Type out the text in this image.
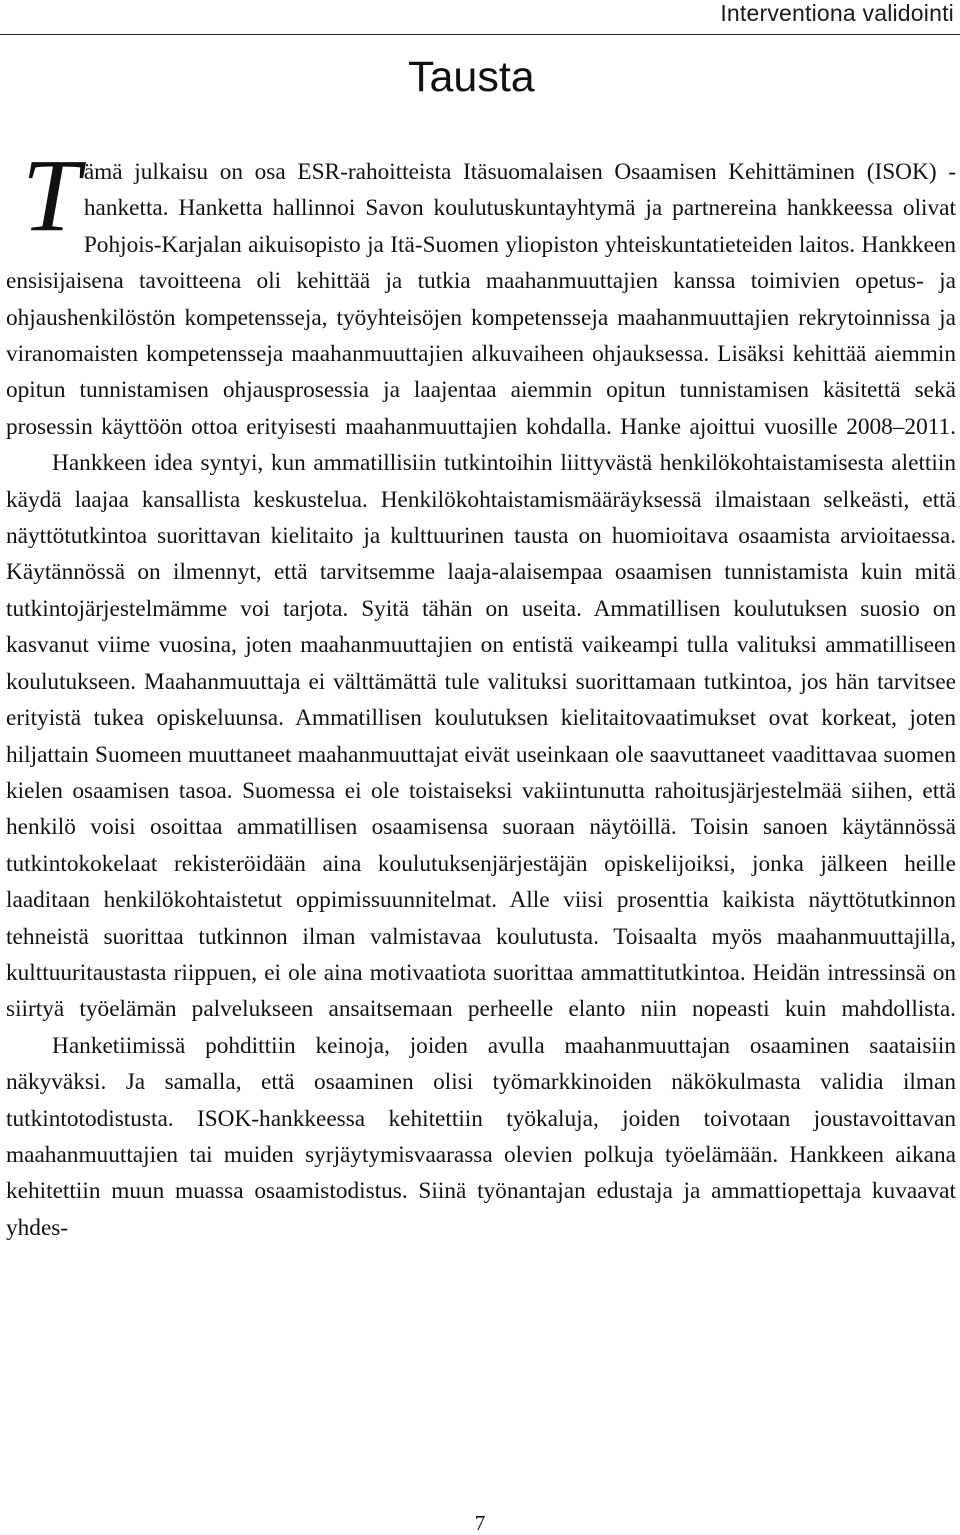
Interventiona validointi
Tausta

Tämä julkaisu on osa ESR-rahoitteista Itäsuomalaisen Osaamisen Kehittäminen (ISOK) -hanketta. Hanketta hallinnoi Savon koulutuskuntayhtymä ja partnereina hankkeessa olivat Pohjois-Karjalan aikuisopisto ja Itä-Suomen yliopiston yhteiskuntatieteiden laitos. Hankkeen ensisijaisena tavoitteena oli kehittää ja tutkia maahanmuuttajien kanssa toimivien opetus- ja ohjaushenkilöstön kompetensseja, työyhteisöjen kompetensseja maahanmuuttajien rekrytoinnissa ja viranomaisten kompetensseja maahanmuuttajien alkuvaiheen ohjauksessa. Lisäksi kehittää aiemmin opitun tunnistamisen ohjausprosessia ja laajentaa aiemmin opitun tunnistamisen käsitettä sekä prosessin käyttöön ottoa erityisesti maahanmuuttajien kohdalla. Hanke ajoittui vuosille 2008–2011.

Hankkeen idea syntyi, kun ammatillisiin tutkintoihin liittyvästä henkilökohtaistamisesta alettiin käydä laajaa kansallista keskustelua. Henkilökohtaistamismääräyksessä ilmaistaan selkeästi, että näyttötutkintoa suorittavan kielitaito ja kulttuurinen tausta on huomioitava osaamista arvioitaessa. Käytännössä on ilmennyt, että tarvitsemme laaja-alaisempaa osaamisen tunnistamista kuin mitä tutkintojärjestelmämme voi tarjota. Syitä tähän on useita. Ammatillisen koulutuksen suosio on kasvanut viime vuosina, joten maahanmuuttajien on entistä vaikeampi tulla valituksi ammatilliseen koulutukseen. Maahanmuuttaja ei välttämättä tule valituksi suorittamaan tutkintoa, jos hän tarvitsee erityistä tukea opiskeluunsa. Ammatillisen koulutuksen kielitaitovaatimukset ovat korkeat, joten hiljattain Suomeen muuttaneet maahanmuuttajat eivät useinkaan ole saavuttaneet vaadittavaa suomen kielen osaamisen tasoa. Suomessa ei ole toistaiseksi vakiintunutta rahoitusjärjestelmää siihen, että henkilö voisi osoittaa ammatillisen osaamisensa suoraan näytöillä. Toisin sanoen käytännössä tutkintokokelaat rekisteröidään aina koulutuksenjärjestäjän opiskelijoiksi, jonka jälkeen heille laaditaan henkilökohtaistetut oppimissuunnitelmat. Alle viisi prosenttia kaikista näyttötutkinnon tehneistä suorittaa tutkinnon ilman valmistavaa koulutusta. Toisaalta myös maahanmuuttajilla, kulttuuritaustasta riippuen, ei ole aina motivaatiota suorittaa ammattitutkintoa. Heidän intressinsä on siirtyä työelämän palvelukseen ansaitsemaan perheelle elanto niin nopeasti kuin mahdollista.

Hanketiimissä pohdittiin keinoja, joiden avulla maahanmuuttajan osaaminen saataisiin näkyväksi. Ja samalla, että osaaminen olisi työmarkkinoiden näkökulmasta validia ilman tutkintotodistusta. ISOK-hankkeessa kehitettiin työkaluja, joiden toivotaan joustavoittavan maahanmuuttajien tai muiden syrjäytymisvaarassa olevien polkuja työelämään. Hankkeen aikana kehitettiin muun muassa osaamistodistus. Siinä työnantajan edustaja ja ammattiopettaja kuvaavat yhdes-

7
